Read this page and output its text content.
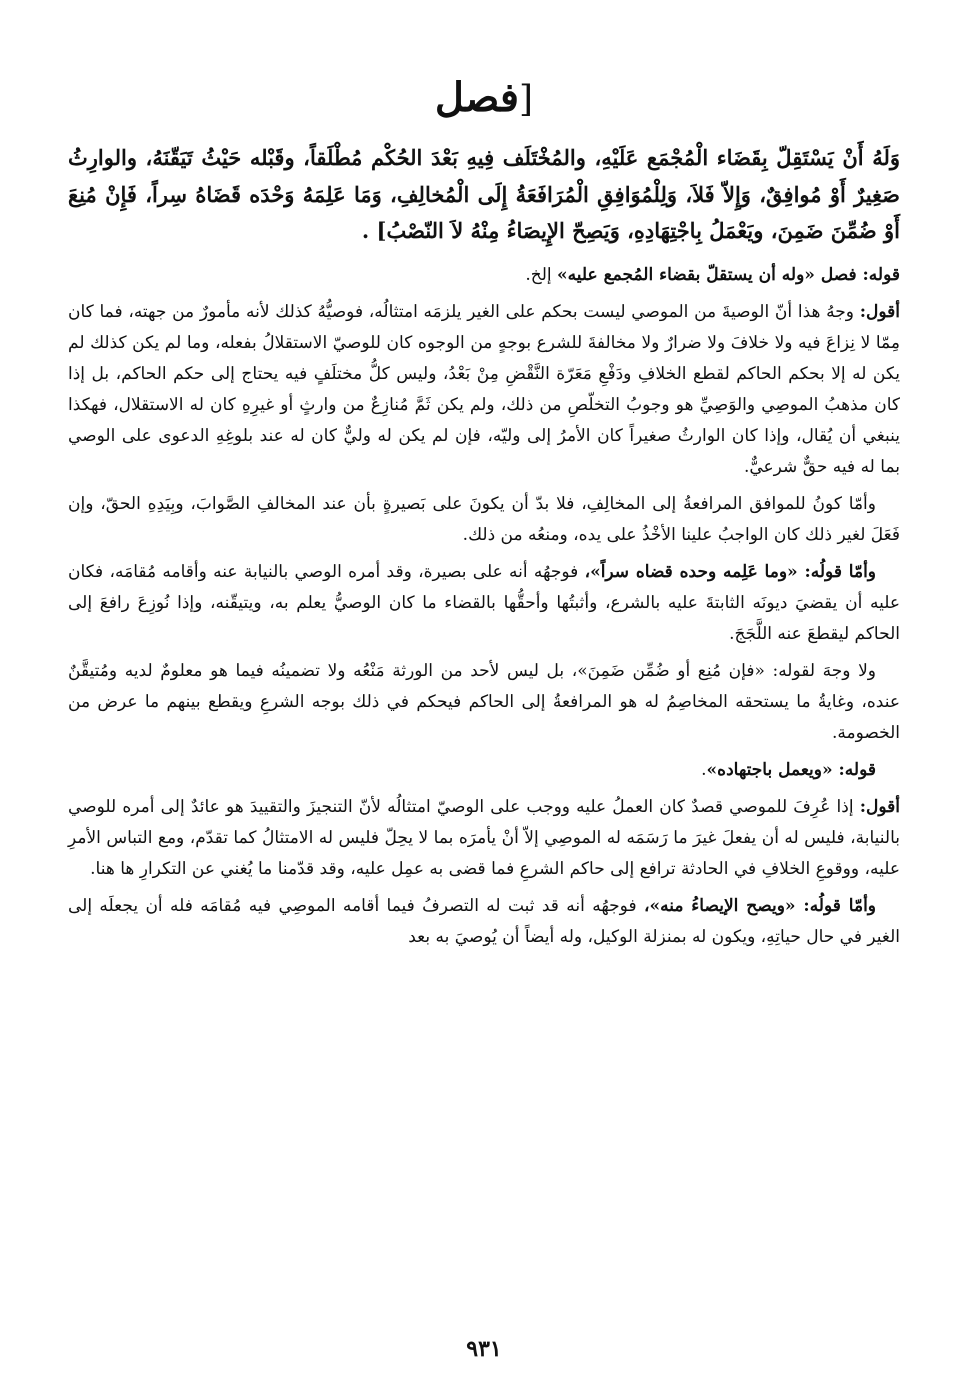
[فصل

وَلَهُ أَنْ يَسْتَقِلّ بِقَضَاء الْمُجْمَع عَلَيْهِ، والمُخْتَلَف فِيهِ بَعْدَ الحُكْم مُطْلَقاً، وقَبْله حَيْثُ تَيَقّنَهُ، والوارِثُ صَغِيرٌ أَوْ مُوافِقٌ، وَإِلاّ فَلاَ، وَلِلْمُوَافِقِ الْمُرَافَعَةُ إِلَى الْمُخالِفِ، وَمَا عَلِمَهُ وَحْدَه قَضَاهُ سِراً، فَإِنْ مُنِعَ أَوْ ضُمِّنَ ضَمِنَ، ويَعْمَلُ بِاجْتِهَادِهِ، وَيَصِحّ الإِيصَاءُ مِنْهُ لاَ النّصْبُ] .

قوله: فصل «وله أن يستقلّ بقضاء المُجمع عليه» إلخ.

أقول: وجهُ هذا أنّ الوصيةَ من الموصي ليست بحكم على الغير يلزمَه امتثالُه، فوصيُّهُ كذلك لأنه مأمورٌ من جهته، فما كان مِمّا لا نِزاعَ فيه ولا خلافَ ولا ضرارٌ ولا مخالفةَ للشرع بوجهٍ من الوجوه كان للوصيّ الاستقلالُ بفعله، وما لم يكن كذلك لم يكن له إلا بحكم الحاكم لقطع الخلافِ ودَفْعِ مَعَرّة النَّقْضِ مِنْ بَعْدُ، وليس كلُّ مختلَفٍ فيه يحتاج إلى حكم الحاكم، بل إذا كان مذهبُ الموصِي والوَصِيِّ هو وجوبُ التخلّصِ من ذلك، ولم يكن ثَمَّ مُنازِعٌ من وارثٍ أو غيرِهِ كان له الاستقلال، فهكذا ينبغي أن يُقال، وإذا كان الوارثُ صغيراً كان الأمرُ إلى وليّه، فإن لم يكن له وليٌّ كان له عند بلوغِهِ الدعوى على الوصي بما له فيه حقٌّ شرعيٌّ.

وأمّا كونُ للموافق المرافعةُ إلى المخالِفِ، فلا بدّ أن يكونَ على بَصيرةٍ بأن عند المخالفِ الصَّوابَ، وبِيَدِهِ الحقّ، وإن فَعَلَ لغير ذلك كان الواجبُ علينا الأخْذُ على يده، ومنعُه من ذلك.

وأمّا قولُه: «وما عَلِمه وحده قضاه سراً»، فوجهُه أنه على بصيرة، وقد أمره الوصي بالنيابة عنه وأقامه مُقامَه، فكان عليه أن يقضيَ ديونَه الثابتةَ عليه بالشرع، وأثبتُها وأحقُّها بالقضاء ما كان الوصيُّ يعلم به، ويتيقّنه، وإذا نُوزِعَ رافعَ إلى الحاكم ليقطعَ عنه اللَّجَجَ.

ولا وجهَ لقوله: «فإن مُنِع أو ضُمِّن ضَمِنَ»، بل ليس لأحد من الورثة مَنْعُه ولا تضمينُه فيما هو معلومٌ لديه ومُتيقَّنٌ عنده، وغايةُ ما يستحقه المخاصِمُ له هو المرافعةُ إلى الحاكم فيحكم في ذلك بوجه الشرعِ ويقطع بينهم ما عرض من الخصومة.

قوله: «ويعمل باجتهاده».

أقول: إذا عُرِفَ للموصي قصدٌ كان العملُ عليه ووجب على الوصيّ امتثالُه لأنّ التنجيزَ والتقييدَ هو عائدٌ إلى أمره للوصي بالنيابة، فليس له أن يفعلَ غيرَ ما رَسَمَه له الموصِي إلاّ أنْ يأمرَه بما لا يحِلّ فليس له الامتثالُ كما تقدّم، ومع التباس الأمرِ عليه، ووقوعِ الخلافِ في الحادثة ترافع إلى حاكم الشرعِ فما قضى به عمِل عليه، وقد قدّمنا ما يُغني عن التكرارِ ها هنا.

وأمّا قولُه: «ويصح الإيصاءُ منه»، فوجهُه أنه قد ثبت له التصرفُ فيما أقامه الموصِي فيه مُقامَه فله أن يجعلَه إلى الغير في حال حياتِهِ، ويكون له بمنزلة الوكيل، وله أيضاً أن يُوصيَ به بعد

٩٣١
